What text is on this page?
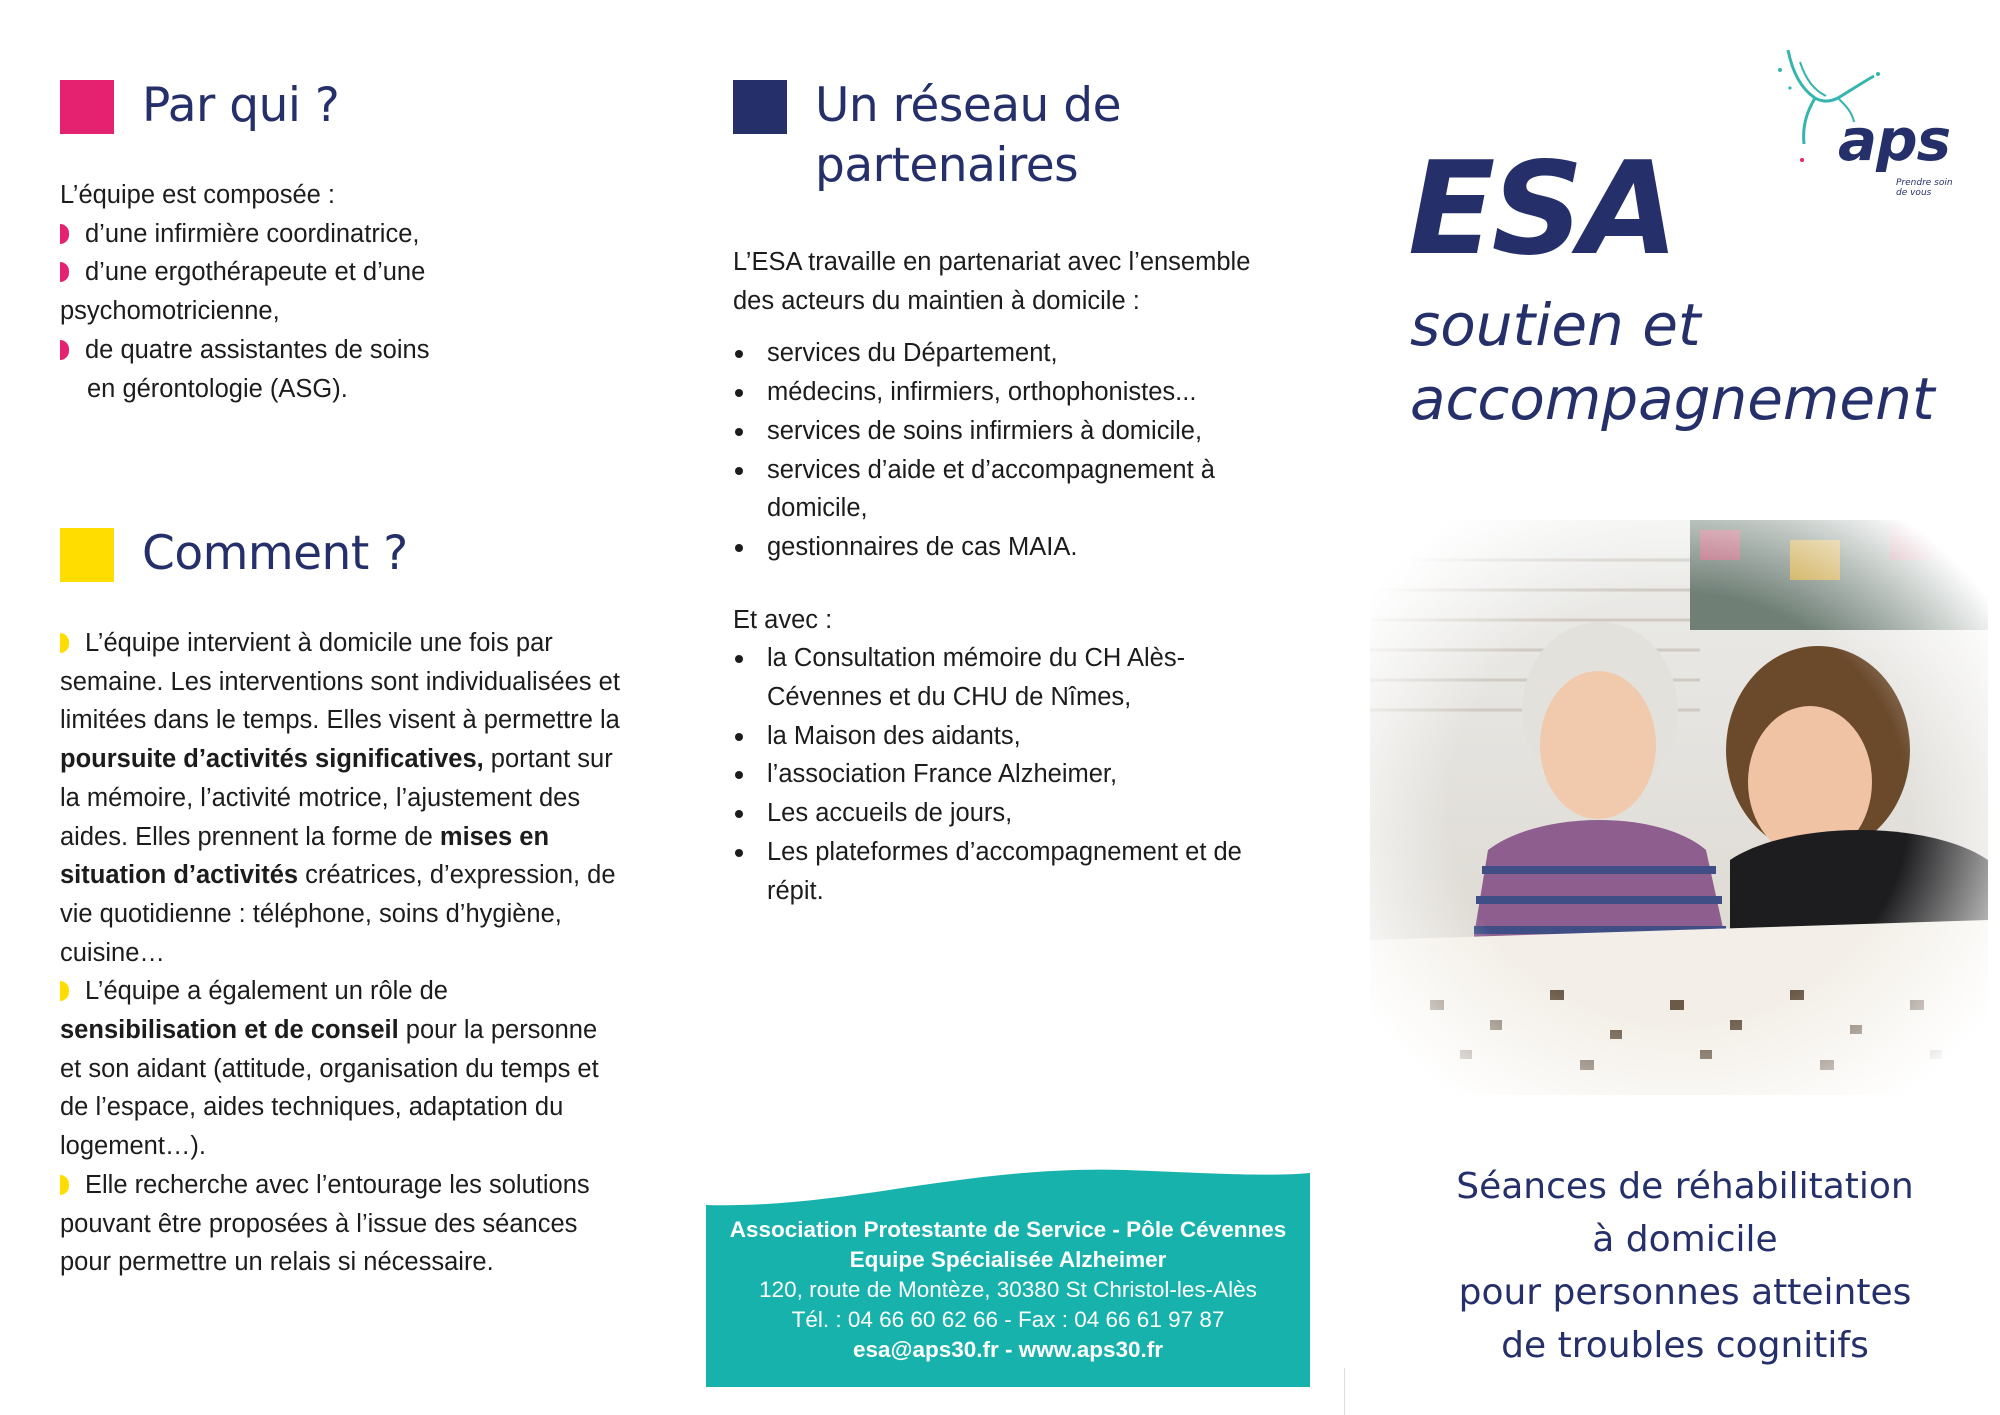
Par qui ?

L’équipe est composée :

d’une infirmière coordinatrice,

d’une ergothérapeute et d’une

psychomotricienne,

de quatre assistantes de soins

en gérontologie (ASG).

Comment ?

L’équipe intervient à domicile une fois par semaine. Les interventions sont individualisées et limitées dans le temps. Elles visent à permettre la poursuite d’activités significatives, portant sur la mémoire, l’activité motrice, l’ajustement des aides. Elles prennent la forme de mises en situation d’activités créatrices, d’expression, de vie quotidienne : téléphone, soins d’hygiène, cuisine…

L’équipe a également un rôle de sensibilisation et de conseil pour la personne et son aidant (attitude, organisation du temps et de l’espace, aides techniques, adaptation du logement…).

Elle recherche avec l’entourage les solutions pouvant être proposées à l’issue des séances pour permettre un relais si nécessaire.

Un réseau de
partenaires

L’ESA travaille en partenariat avec l’ensemble des acteurs du maintien à domicile :

services du Département,
médecins, infirmiers, orthophonistes...
services de soins infirmiers à domicile,
services d’aide et d’accompagnement à domicile,
gestionnaires de cas MAIA.

Et avec :

la Consultation mémoire du CH Alès-Cévennes et du CHU de Nîmes,
la Maison des aidants,
l’association France Alzheimer,
Les accueils de jours,
Les plateformes d’accompagnement et de répit.
Association Protestante de Service - Pôle Cévennes
Equipe Spécialisée Alzheimer
120, route de Montèze, 30380 St Christol-les-Alès
Tél. : 04 66 60 62 66 - Fax : 04 66 61 97 87
esa@aps30.fr - www.aps30.fr
aps
Prendre soin
de vous
ESA
soutien et
accompagnement
Séances de réhabilitation
à domicile
pour personnes atteintes
de troubles cognitifs
